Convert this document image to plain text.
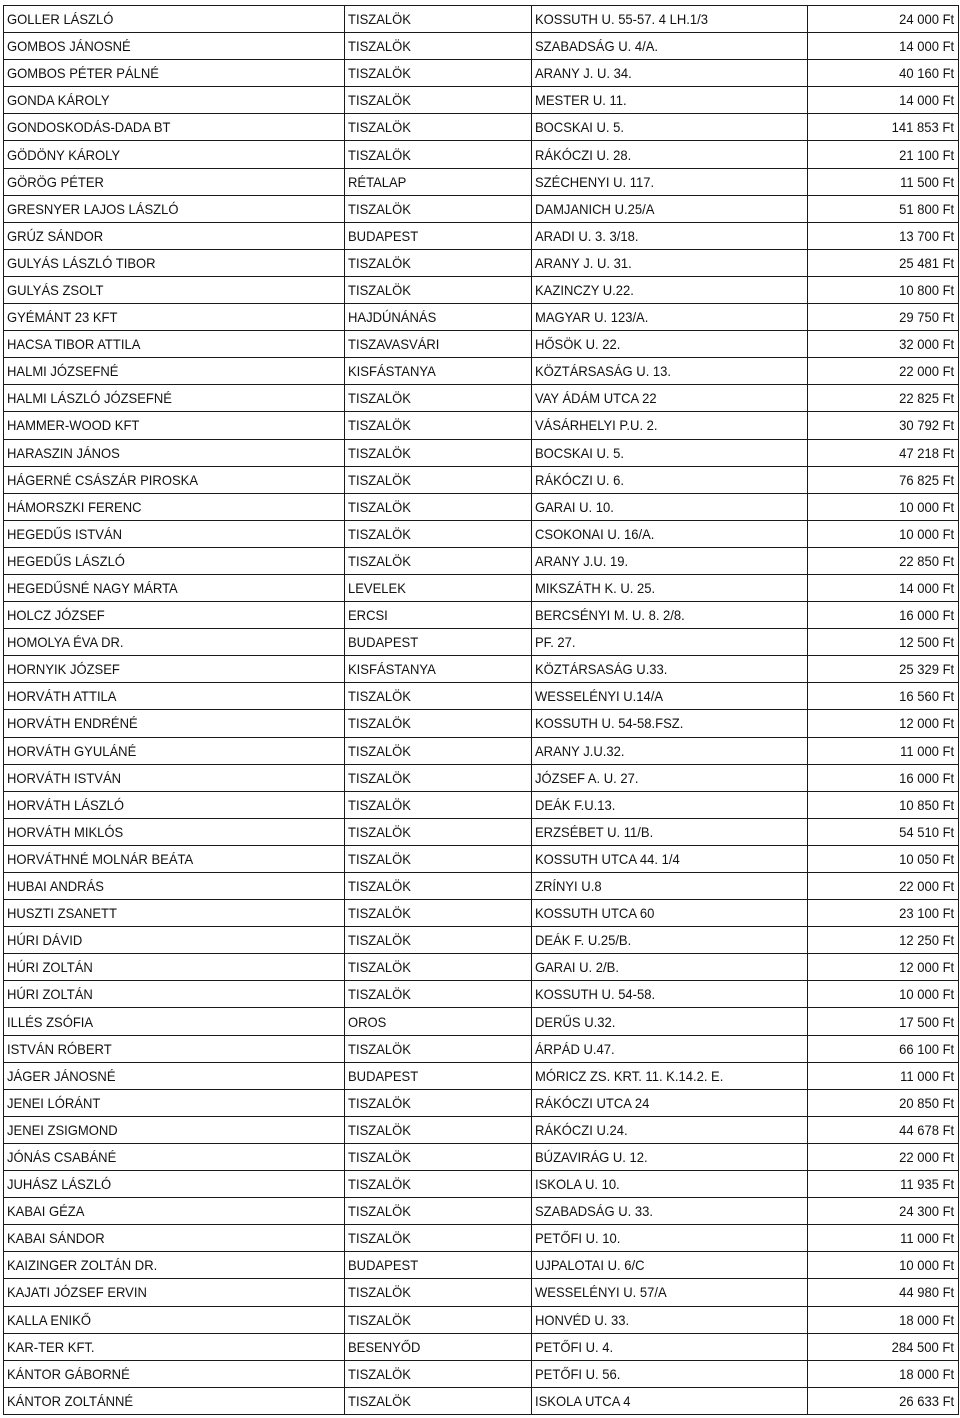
GOLLER LÁSZLÓ	TISZALÖK	KOSSUTH U. 55-57. 4 LH.1/3	24 000 Ft
GOMBOS JÁNOSNÉ	TISZALÖK	SZABADSÁG U. 4/A.	14 000 Ft
GOMBOS PÉTER PÁLNÉ	TISZALÖK	ARANY J. U. 34.	40 160 Ft
GONDA KÁROLY	TISZALÖK	MESTER U. 11.	14 000 Ft
GONDOSKODÁS-DADA BT	TISZALÖK	BOCSKAI U. 5.	141 853 Ft
GÖDÖNY KÁROLY	TISZALÖK	RÁKÓCZI U. 28.	21 100 Ft
GÖRÖG PÉTER	RÉTALAP	SZÉCHENYI U. 117.	11 500 Ft
GRESNYER LAJOS LÁSZLÓ	TISZALÖK	DAMJANICH U.25/A	51 800 Ft
GRÚZ SÁNDOR	BUDAPEST	ARADI U. 3. 3/18.	13 700 Ft
GULYÁS LÁSZLÓ TIBOR	TISZALÖK	ARANY J. U. 31.	25 481 Ft
GULYÁS ZSOLT	TISZALÖK	KAZINCZY U.22.	10 800 Ft
GYÉMÁNT 23 KFT	HAJDÚNÁNÁS	MAGYAR U. 123/A.	29 750 Ft
HACSA TIBOR ATTILA	TISZAVASVÁRI	HŐSÖK U. 22.	32 000 Ft
HALMI JÓZSEFNÉ	KISFÁSTANYA	KÖZTÁRSASÁG U. 13.	22 000 Ft
HALMI LÁSZLÓ JÓZSEFNÉ	TISZALÖK	VAY ÁDÁM UTCA 22	22 825 Ft
HAMMER-WOOD KFT	TISZALÖK	VÁSÁRHELYI P.U. 2.	30 792 Ft
HARASZIN JÁNOS	TISZALÖK	BOCSKAI U. 5.	47 218 Ft
HÁGERNÉ CSÁSZÁR PIROSKA	TISZALÖK	RÁKÓCZI U. 6.	76 825 Ft
HÁMORSZKI FERENC	TISZALÖK	GARAI U. 10.	10 000 Ft
HEGEDŰS ISTVÁN	TISZALÖK	CSOKONAI U. 16/A.	10 000 Ft
HEGEDŰS LÁSZLÓ	TISZALÖK	ARANY J.U. 19.	22 850 Ft
HEGEDŰSNÉ NAGY MÁRTA	LEVELEK	MIKSZÁTH K. U. 25.	14 000 Ft
HOLCZ JÓZSEF	ERCSI	BERCSÉNYI M. U. 8. 2/8.	16 000 Ft
HOMOLYA ÉVA DR.	BUDAPEST	PF. 27.	12 500 Ft
HORNYIK JÓZSEF	KISFÁSTANYA	KÖZTÁRSASÁG U.33.	25 329 Ft
HORVÁTH ATTILA	TISZALÖK	WESSELÉNYI U.14/A	16 560 Ft
HORVÁTH ENDRÉNÉ	TISZALÖK	KOSSUTH U. 54-58.FSZ.	12 000 Ft
HORVÁTH GYULÁNÉ	TISZALÖK	ARANY J.U.32.	11 000 Ft
HORVÁTH ISTVÁN	TISZALÖK	JÓZSEF A. U. 27.	16 000 Ft
HORVÁTH LÁSZLÓ	TISZALÖK	DEÁK F.U.13.	10 850 Ft
HORVÁTH MIKLÓS	TISZALÖK	ERZSÉBET U. 11/B.	54 510 Ft
HORVÁTHNÉ MOLNÁR BEÁTA	TISZALÖK	KOSSUTH UTCA 44. 1/4	10 050 Ft
HUBAI ANDRÁS	TISZALÖK	ZRÍNYI U.8	22 000 Ft
HUSZTI ZSANETT	TISZALÖK	KOSSUTH UTCA 60	23 100 Ft
HÚRI DÁVID	TISZALÖK	DEÁK F. U.25/B.	12 250 Ft
HÚRI ZOLTÁN	TISZALÖK	GARAI U. 2/B.	12 000 Ft
HÚRI ZOLTÁN	TISZALÖK	KOSSUTH U. 54-58.	10 000 Ft
ILLÉS ZSÓFIA	OROS	DERŰS U.32.	17 500 Ft
ISTVÁN RÓBERT	TISZALÖK	ÁRPÁD U.47.	66 100 Ft
JÁGER JÁNOSNÉ	BUDAPEST	MÓRICZ ZS. KRT. 11. K.14.2. E.	11 000 Ft
JENEI LÓRÁNT	TISZALÖK	RÁKÓCZI UTCA 24	20 850 Ft
JENEI ZSIGMOND	TISZALÖK	RÁKÓCZI U.24.	44 678 Ft
JÓNÁS CSABÁNÉ	TISZALÖK	BÚZAVIRÁG U. 12.	22 000 Ft
JUHÁSZ LÁSZLÓ	TISZALÖK	ISKOLA U. 10.	11 935 Ft
KABAI GÉZA	TISZALÖK	SZABADSÁG U. 33.	24 300 Ft
KABAI SÁNDOR	TISZALÖK	PETŐFI U. 10.	11 000 Ft
KAIZINGER ZOLTÁN DR.	BUDAPEST	UJPALOTAI U. 6/C	10 000 Ft
KAJATI JÓZSEF ERVIN	TISZALÖK	WESSELÉNYI U. 57/A	44 980 Ft
KALLA ENIKŐ	TISZALÖK	HONVÉD U. 33.	18 000 Ft
KAR-TER KFT.	BESENYŐD	PETŐFI U. 4.	284 500 Ft
KÁNTOR GÁBORNÉ	TISZALÖK	PETŐFI U. 56.	18 000 Ft
KÁNTOR ZOLTÁNNÉ	TISZALÖK	ISKOLA UTCA 4	26 633 Ft
